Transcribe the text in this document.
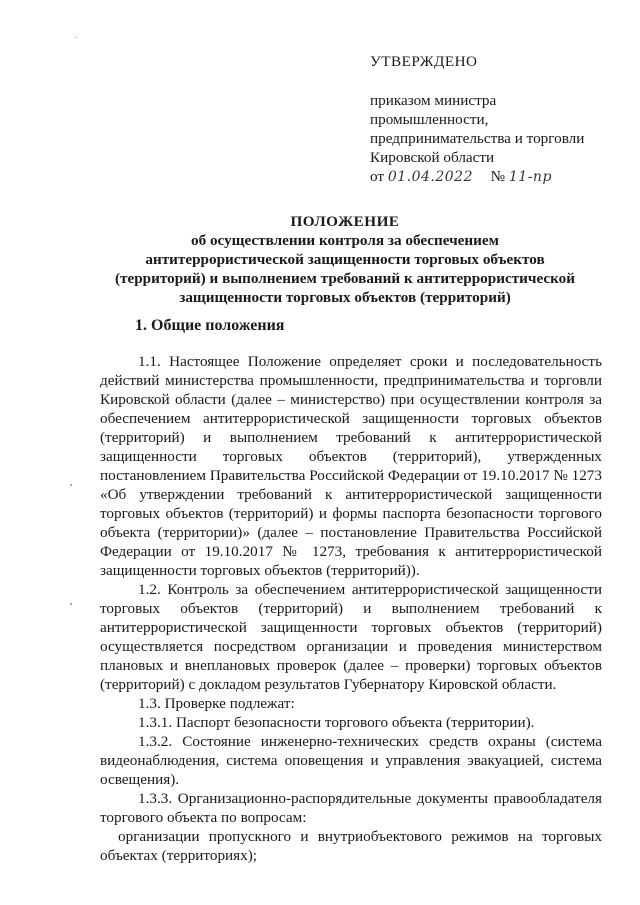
УТВЕРЖДЕНО
приказом министра
промышленности,
предпринимательства и торговли
Кировской области
от 01.04.2022 № 11-пр
ПОЛОЖЕНИЕ
об осуществлении контроля за обеспечением
антитеррористической защищенности торговых объектов
(территорий) и выполнением требований к антитеррористической
защищенности торговых объектов (территорий)
1. Общие положения

1.1. Настоящее Положение определяет сроки и последовательность действий министерства промышленности, предпринимательства и торговли Кировской области (далее – министерство) при осуществлении контроля за обеспечением антитеррористической защищенности торговых объектов (территорий) и выполнением требований к антитеррористической защищенности торговых объектов (территорий), утвержденных постановлением Правительства Российской Федерации от 19.10.2017 № 1273 «Об утверждении требований к антитеррористической защищенности торговых объектов (территорий) и формы паспорта безопасности торгового объекта (территории)» (далее – постановление Правительства Российской Федерации от 19.10.2017 № 1273, требования к антитеррористической защищенности торговых объектов (территорий)).

1.2. Контроль за обеспечением антитеррористической защищенности торговых объектов (территорий) и выполнением требований к антитеррористической защищенности торговых объектов (территорий) осуществляется посредством организации и проведения министерством плановых и внеплановых проверок (далее – проверки) торговых объектов (территорий) с докладом результатов Губернатору Кировской области.

1.3. Проверке подлежат:

1.3.1. Паспорт безопасности торгового объекта (территории).

1.3.2. Состояние инженерно-технических средств охраны (система видеонаблюдения, система оповещения и управления эвакуацией, система освещения).

1.3.3. Организационно-распорядительные документы правообладателя торгового объекта по вопросам:

организации пропускного и внутриобъектового режимов на торговых объектах (территориях);
